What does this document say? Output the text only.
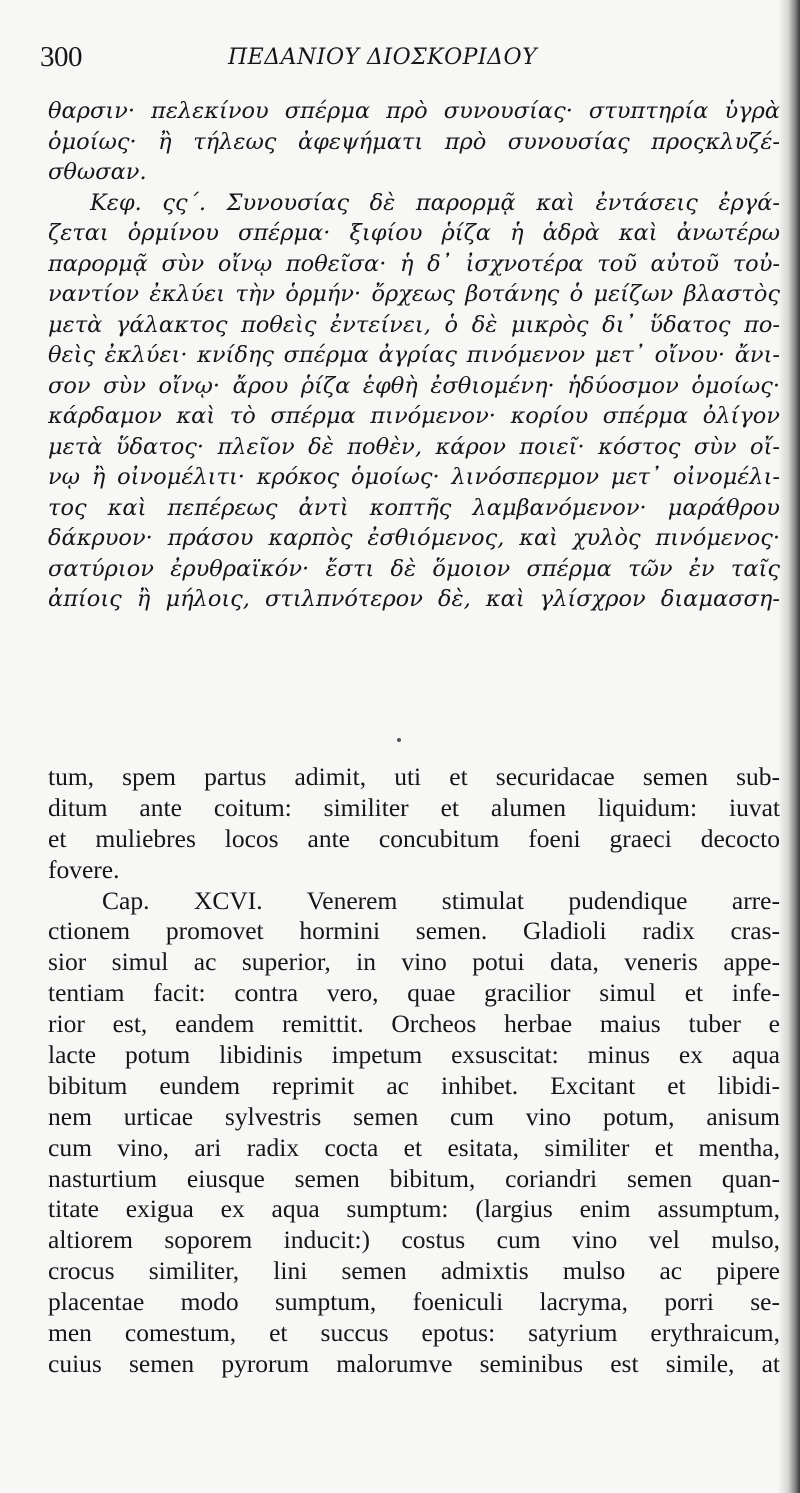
300	ΠΕΔΑΝΙΟΥ ΔΙΟΣΚΟΡΙΔΟΥ
θαρσιν· πελεκίνου σπέρμα πρὸ συνουσίας· στυπτηρία ὑγρὰ
ὁμοίως· ἢ τήλεως ἀφεψήματι πρὸ συνουσίας προςκλυζέ-
σθωσαν.
Κεφ. ςς΄. Συνουσίας δὲ παρορμᾷ καὶ ἐντάσεις ἐργά-
ζεται ὁρμίνου σπέρμα· ξιφίου ῥίζα ἡ ἁδρὰ καὶ ἀνωτέρω
παρορμᾷ σὺν οἴνῳ ποθεῖσα· ἡ δ᾽ ἰσχνοτέρα τοῦ αὐτοῦ τοὐ-
ναντίον ἐκλύει τὴν ὁρμήν· ὄρχεως βοτάνης ὁ μείζων βλαστὸς
μετὰ γάλακτος ποθεὶς ἐντείνει, ὁ δὲ μικρὸς δι᾽ ὕδατος πο-
θεὶς ἐκλύει· κνίδης σπέρμα ἀγρίας πινόμενον μετ᾽ οἴνου· ἄνι-
σον σὺν οἴνῳ· ἄρου ῥίζα ἑφθὴ ἐσθιομένη· ἡδύοσμον ὁμοίως·
κάρδαμον καὶ τὸ σπέρμα πινόμενον· κορίου σπέρμα ὀλίγον
μετὰ ὕδατος· πλεῖον δὲ ποθὲν, κάρον ποιεῖ· κόστος σὺν οἴ-
νῳ ἢ οἰνομέλιτι· κρόκος ὁμοίως· λινόσπερμον μετ᾽ οἰνομέλι-
τος καὶ πεπέρεως ἀντὶ κοπτῆς λαμβανόμενον· μαράθρου
δάκρυον· πράσου καρπὸς ἐσθιόμενος, καὶ χυλὸς πινόμενος·
σατύριον ἐρυθραϊκόν· ἔστι δὲ ὅμοιον σπέρμα τῶν ἐν ταῖς
ἀπίοις ἢ μήλοις, στιλπνότερον δὲ, καὶ γλίσχρον διαμασση-
tum, spem partus adimit, uti et securidacae semen sub-
ditum ante coitum: similiter et alumen liquidum: iuvat
et muliebres locos ante concubitum foeni graeci decocto
fovere.
Cap. XCVI. Venerem stimulat pudendique arre-
ctionem promovet hormini semen. Gladioli radix cras-
sior simul ac superior, in vino potui data, veneris appe-
tentiam facit: contra vero, quae gracilior simul et infe-
rior est, eandem remittit. Orcheos herbae maius tuber e
lacte potum libidinis impetum exsuscitat: minus ex aqua
bibitum eundem reprimit ac inhibet. Excitant et libidi-
nem urticae sylvestris semen cum vino potum, anisum
cum vino, ari radix cocta et esitata, similiter et mentha,
nasturtium eiusque semen bibitum, coriandri semen quan-
titate exigua ex aqua sumptum: (largius enim assumptum,
altiorem soporem inducit:) costus cum vino vel mulso,
crocus similiter, lini semen admixtis mulso ac pipere
placentae modo sumptum, foeniculi lacryma, porri se-
men comestum, et succus epotus: satyrium erythraicum,
cuius semen pyrorum malorumve seminibus est simile, at
